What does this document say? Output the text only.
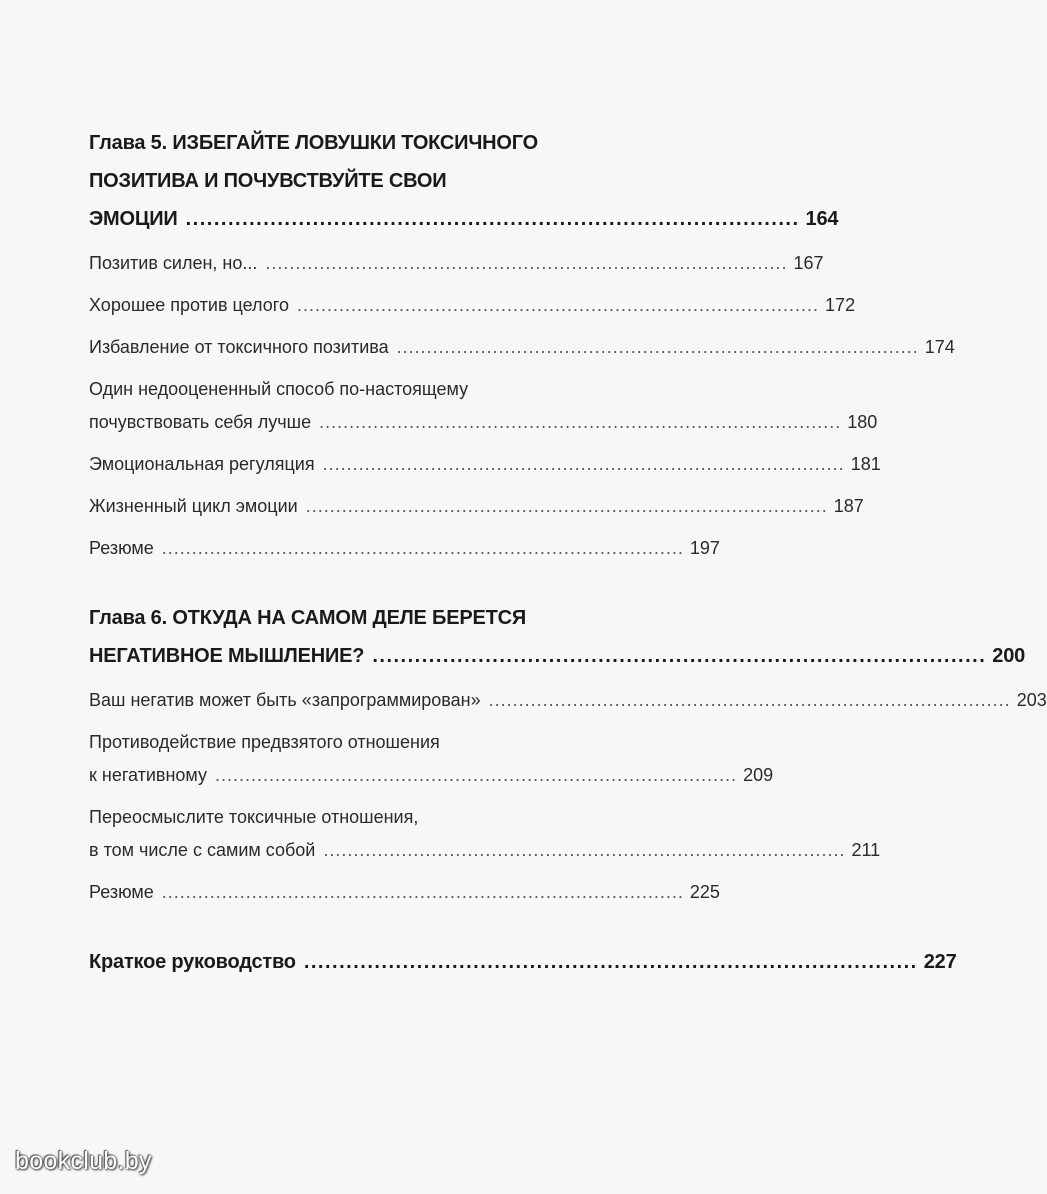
Глава 5. ИЗБЕГАЙТЕ ЛОВУШКИ ТОКСИЧНОГО
ПОЗИТИВА И ПОЧУВСТВУЙТЕ СВОИ
ЭМОЦИИ ....................................................................................... 164
Позитив силен, но... ....................................................................................... 167
Хорошее против целого ....................................................................................... 172
Избавление от токсичного позитива ....................................................................................... 174
Один недооцененный способ по-настоящему
почувствовать себя лучше ....................................................................................... 180
Эмоциональная регуляция ....................................................................................... 181
Жизненный цикл эмоции ....................................................................................... 187
Резюме ....................................................................................... 197
Глава 6. ОТКУДА НА САМОМ ДЕЛЕ БЕРЕТСЯ
НЕГАТИВНОЕ МЫШЛЕНИЕ? ....................................................................................... 200
Ваш негатив может быть «запрограммирован» ....................................................................................... 203
Противодействие предвзятого отношения
к негативному ....................................................................................... 209
Переосмыслите токсичные отношения,
в том числе с самим собой ....................................................................................... 211
Резюме ....................................................................................... 225
Краткое руководство ....................................................................................... 227
bookclub.by
